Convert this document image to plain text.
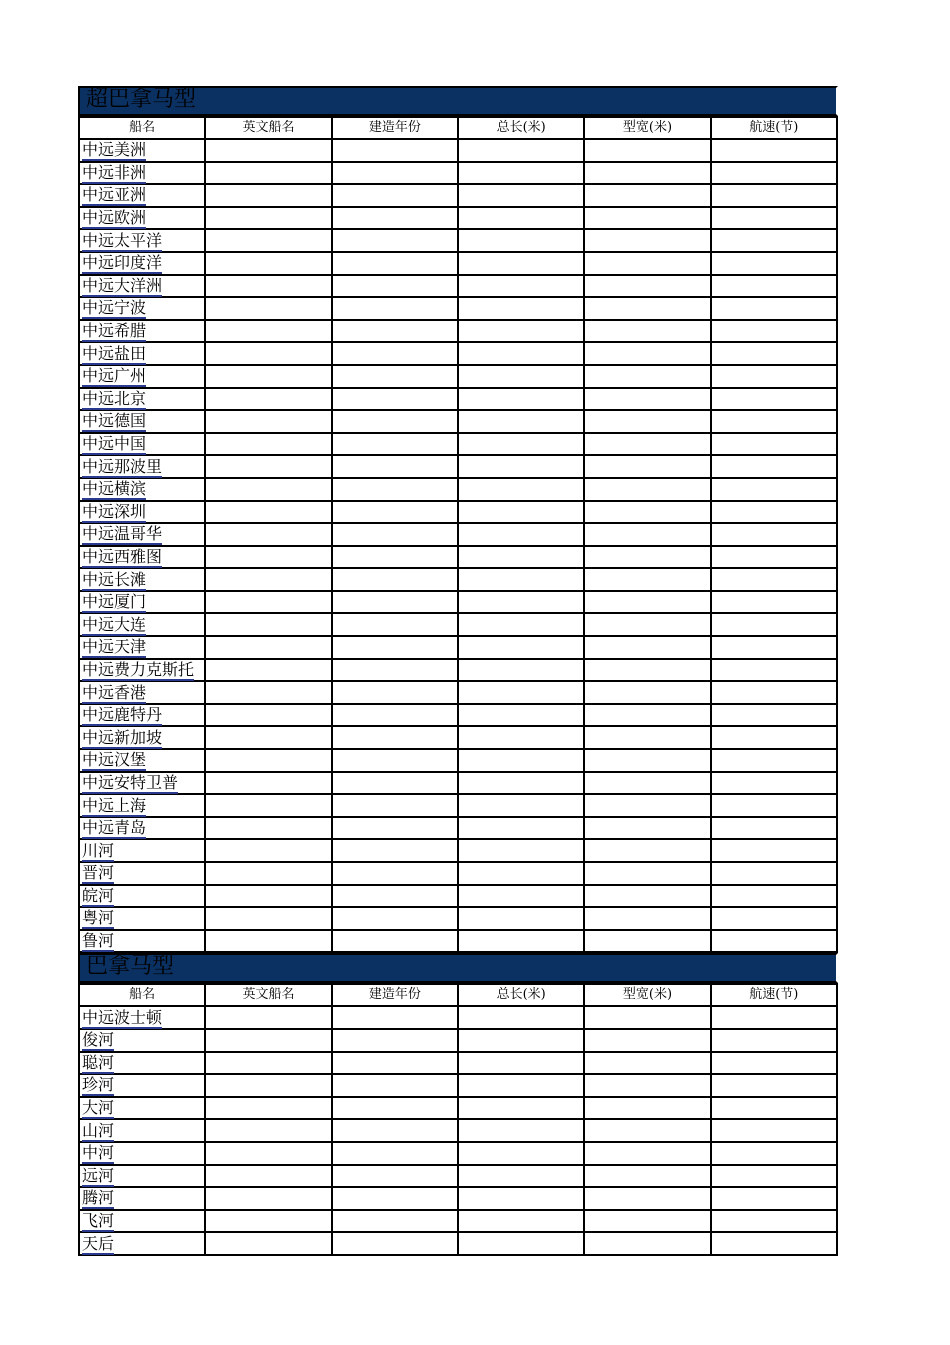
超巴拿马型
船名	英文船名	建造年份	总长(米)	型宽(米)	航速(节)
中远美洲					
中远非洲					
中远亚洲					
中远欧洲					
中远太平洋					
中远印度洋					
中远大洋洲					
中远宁波					
中远希腊					
中远盐田					
中远广州					
中远北京					
中远德国					
中远中国					
中远那波里					
中远横滨					
中远深圳					
中远温哥华					
中远西雅图					
中远长滩					
中远厦门					
中远大连					
中远天津					
中远费力克斯托					
中远香港					
中远鹿特丹					
中远新加坡					
中远汉堡					
中远安特卫普					
中远上海					
中远青岛					
川河					
晋河					
皖河					
粤河					
鲁河					
巴拿马型
船名	英文船名	建造年份	总长(米)	型宽(米)	航速(节)
中远波士顿					
俊河					
聪河					
珍河					
大河					
山河					
中河					
远河					
腾河					
飞河					
天后					
